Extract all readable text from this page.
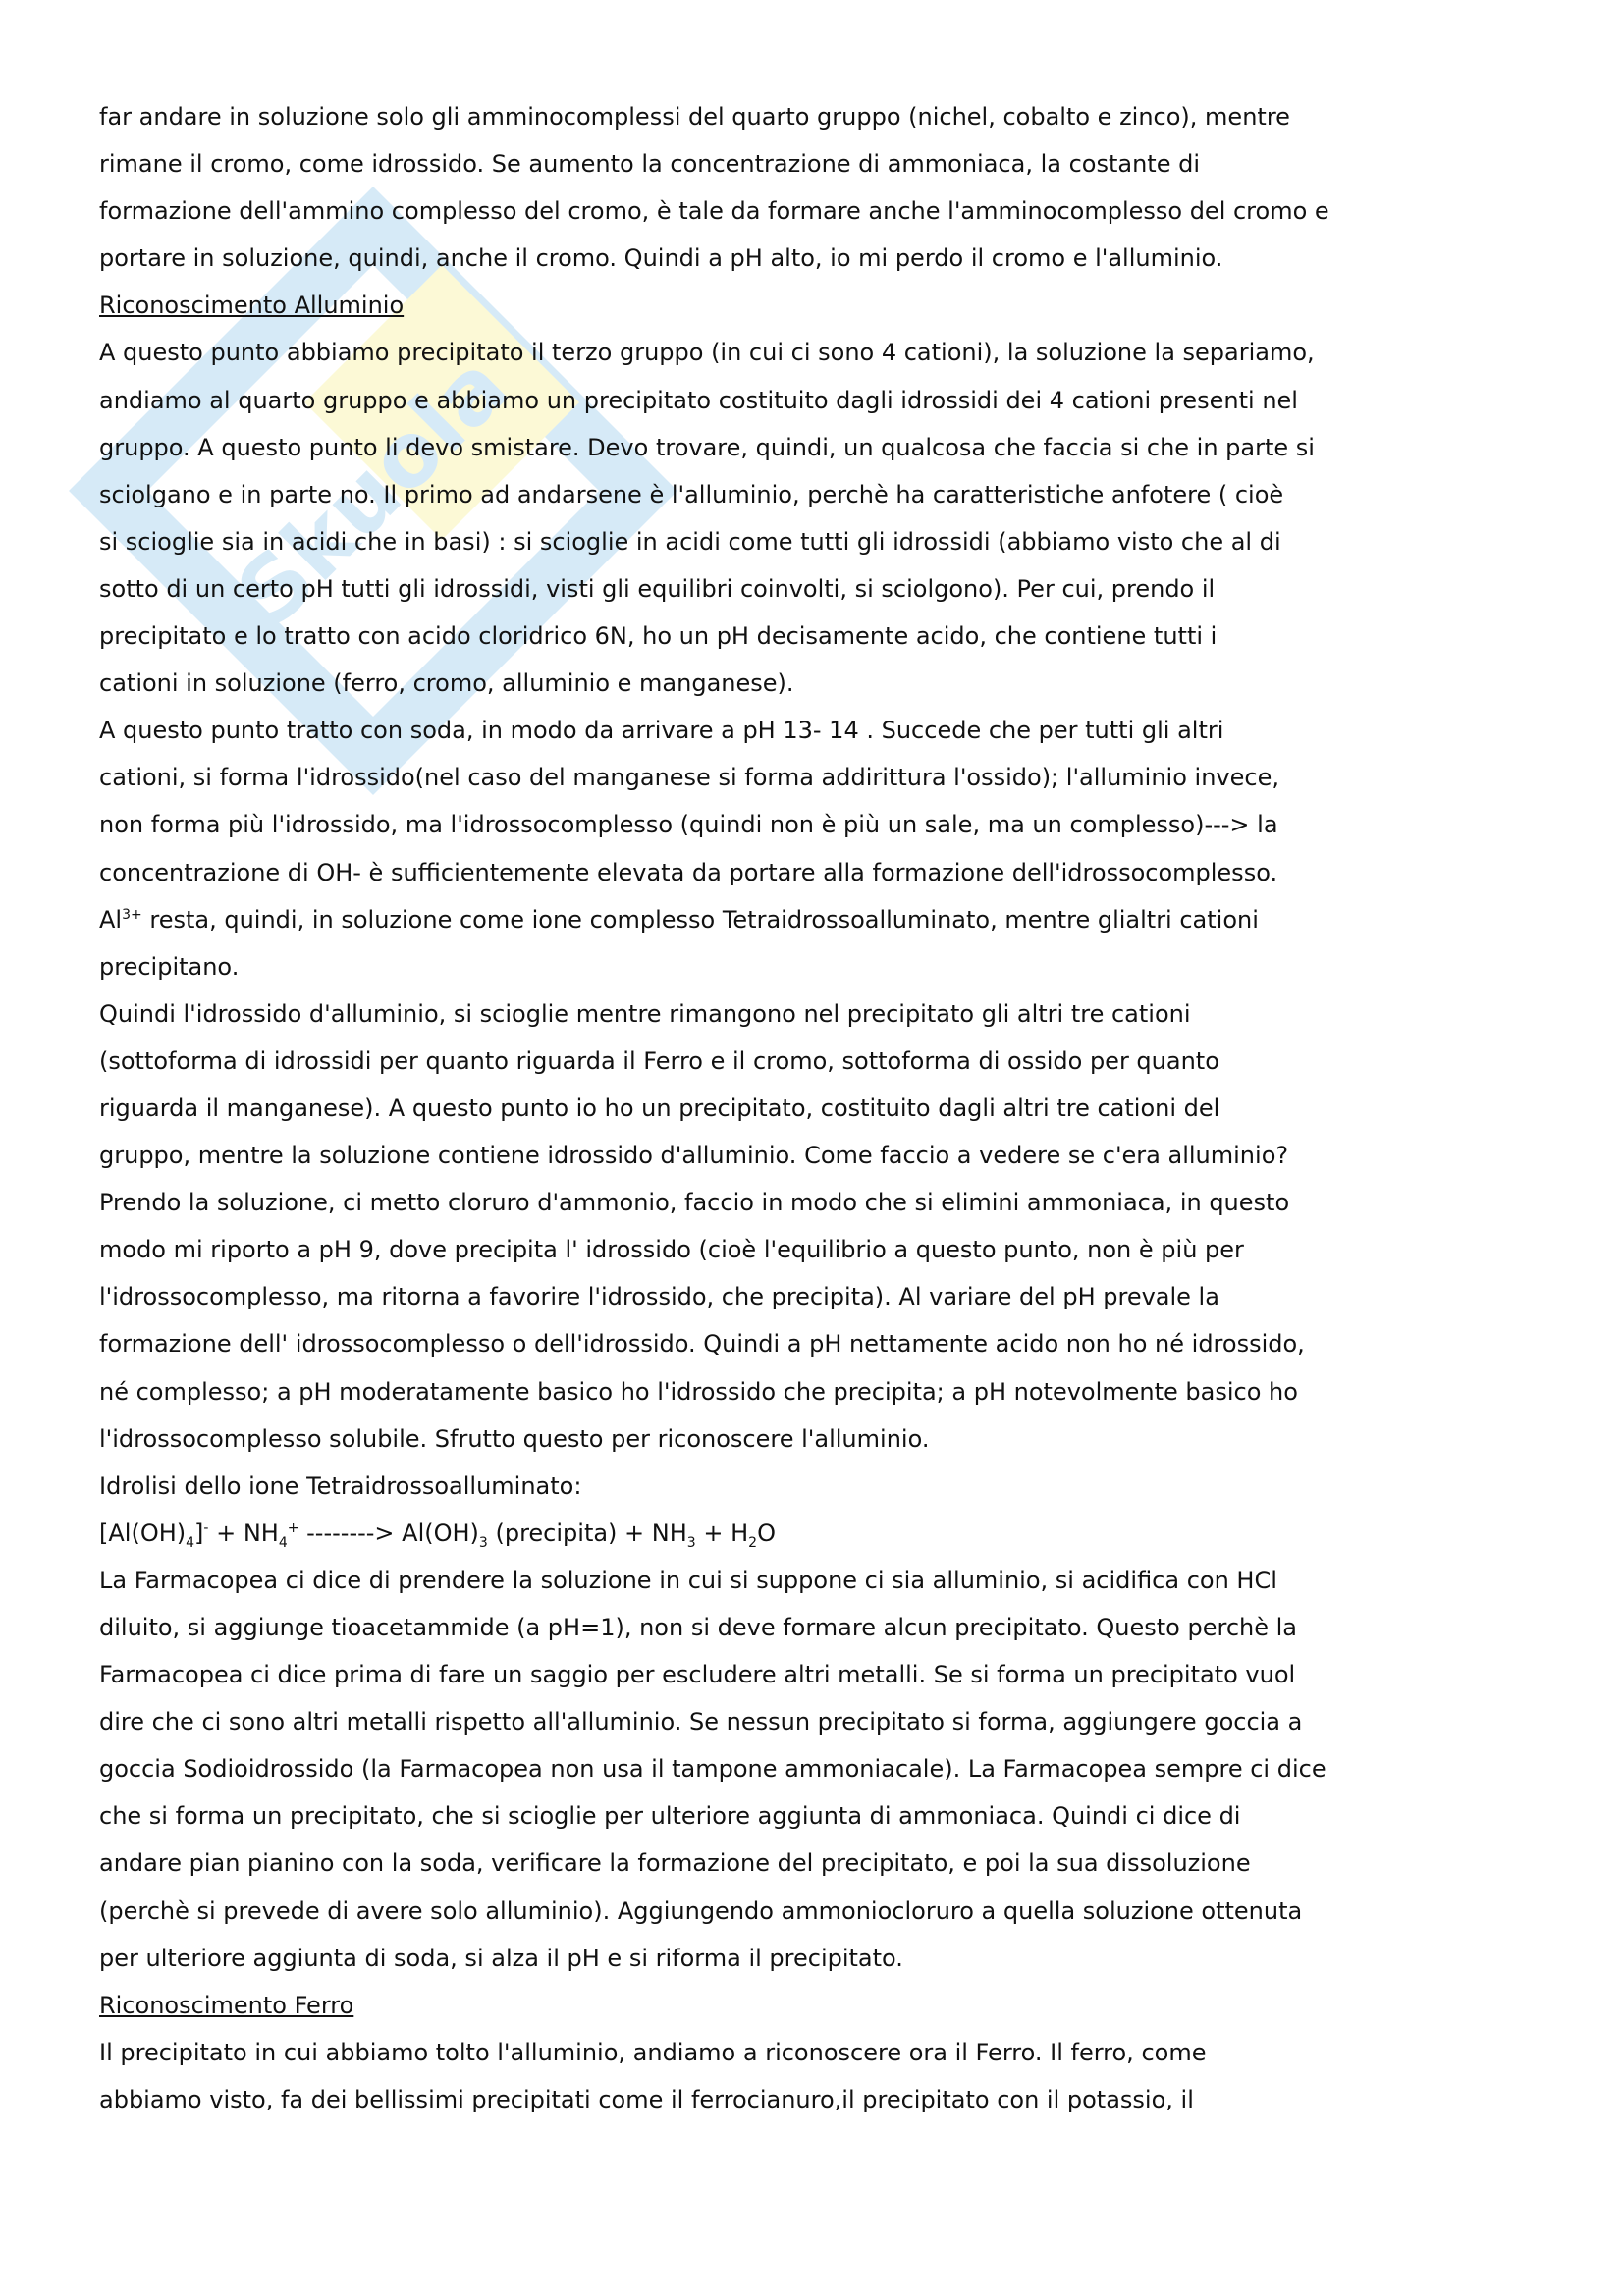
Skuola
far andare in soluzione solo gli amminocomplessi del quarto gruppo (nichel, cobalto e zinco), mentre
rimane il cromo, come idrossido. Se aumento la concentrazione di ammoniaca, la costante di
formazione dell'ammino complesso del cromo, è tale da formare anche l'amminocomplesso del cromo e
portare in soluzione, quindi, anche il cromo. Quindi a pH alto, io mi perdo il cromo e l'alluminio.
Riconoscimento Alluminio
A questo punto abbiamo precipitato il terzo gruppo (in cui ci sono 4 cationi), la soluzione la separiamo,
andiamo al quarto gruppo e abbiamo un precipitato costituito dagli idrossidi dei 4 cationi presenti nel
gruppo. A questo punto li devo smistare. Devo trovare, quindi, un qualcosa che faccia si che in parte si
sciolgano e in parte no. Il primo ad andarsene è l'alluminio, perchè ha caratteristiche anfotere ( cioè
si scioglie sia in acidi che in basi) : si scioglie in acidi come tutti gli idrossidi (abbiamo visto che al di
sotto di un certo pH tutti gli idrossidi, visti gli equilibri coinvolti, si sciolgono). Per cui, prendo il
precipitato e lo tratto con acido cloridrico 6N, ho un pH decisamente acido, che contiene tutti i
cationi in soluzione (ferro, cromo, alluminio e manganese).
A questo punto tratto con soda, in modo da arrivare a pH 13- 14 . Succede che per tutti gli altri
cationi, si forma l'idrossido(nel caso del manganese si forma addirittura l'ossido); l'alluminio invece,
non forma più l'idrossido, ma l'idrossocomplesso (quindi non è più un sale, ma un complesso)---> la
concentrazione di OH- è sufficientemente elevata da portare alla formazione dell'idrossocomplesso.
$Al^{3+}$ resta, quindi, in soluzione come ione complesso Tetraidrossoalluminato, mentre glialtri cationi
precipitano.
Quindi l'idrossido d'alluminio, si scioglie mentre rimangono nel precipitato gli altri tre cationi
(sottoforma di idrossidi per quanto riguarda il Ferro e il cromo, sottoforma di ossido per quanto
riguarda il manganese). A questo punto io ho un precipitato, costituito dagli altri tre cationi del
gruppo, mentre la soluzione contiene idrossido d'alluminio. Come faccio a vedere se c'era alluminio?
Prendo la soluzione, ci metto cloruro d'ammonio, faccio in modo che si elimini ammoniaca, in questo
modo mi riporto a pH 9, dove precipita l' idrossido (cioè l'equilibrio a questo punto, non è più per
l'idrossocomplesso, ma ritorna a favorire l'idrossido, che precipita). Al variare del pH prevale la
formazione dell' idrossocomplesso o dell'idrossido. Quindi a pH nettamente acido non ho né idrossido,
né complesso; a pH moderatamente basico ho l'idrossido che precipita; a pH notevolmente basico ho
l'idrossocomplesso solubile. Sfrutto questo per riconoscere l'alluminio.
Idrolisi dello ione Tetraidrossoalluminato:
$[Al(OH)_4]^- + NH_4^+$ --------> $Al(OH)_3$ (precipita) + $NH_3 + H_2O$
La Farmacopea ci dice di prendere la soluzione in cui si suppone ci sia alluminio, si acidifica con HCl
diluito, si aggiunge tioacetammide (a pH=1), non si deve formare alcun precipitato. Questo perchè la
Farmacopea ci dice prima di fare un saggio per escludere altri metalli. Se si forma un precipitato vuol
dire che ci sono altri metalli rispetto all'alluminio. Se nessun precipitato si forma, aggiungere goccia a
goccia Sodioidrossido (la Farmacopea non usa il tampone ammoniacale). La Farmacopea sempre ci dice
che si forma un precipitato, che si scioglie per ulteriore aggiunta di ammoniaca. Quindi ci dice di
andare pian pianino con la soda, verificare la formazione del precipitato, e poi la sua dissoluzione
(perchè si prevede di avere solo alluminio). Aggiungendo ammoniocloruro a quella soluzione ottenuta
per ulteriore aggiunta di soda, si alza il pH e si riforma il precipitato.
Riconoscimento Ferro
Il precipitato in cui abbiamo tolto l'alluminio, andiamo a riconoscere ora il Ferro. Il ferro, come
abbiamo visto, fa dei bellissimi precipitati come il ferrocianuro,il precipitato con il potassio, il
